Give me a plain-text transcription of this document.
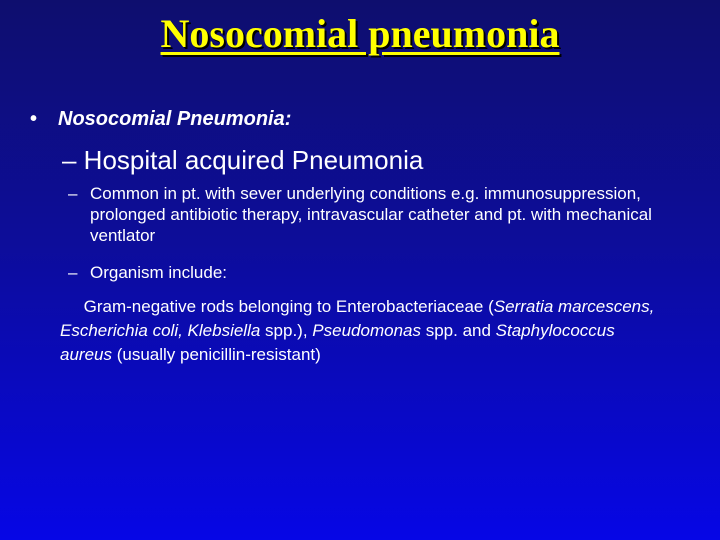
Nosocomial pneumonia
• Nosocomial Pneumonia:
– Hospital acquired Pneumonia
– Common in pt. with sever underlying conditions e.g. immunosuppression, prolonged antibiotic therapy, intravascular catheter and pt. with mechanical ventlator
– Organism include:
Gram-negative rods belonging to Enterobacteriaceae (Serratia marcescens, Escherichia coli, Klebsiella spp.), Pseudomonas spp. and Staphylococcus aureus (usually penicillin-resistant)
